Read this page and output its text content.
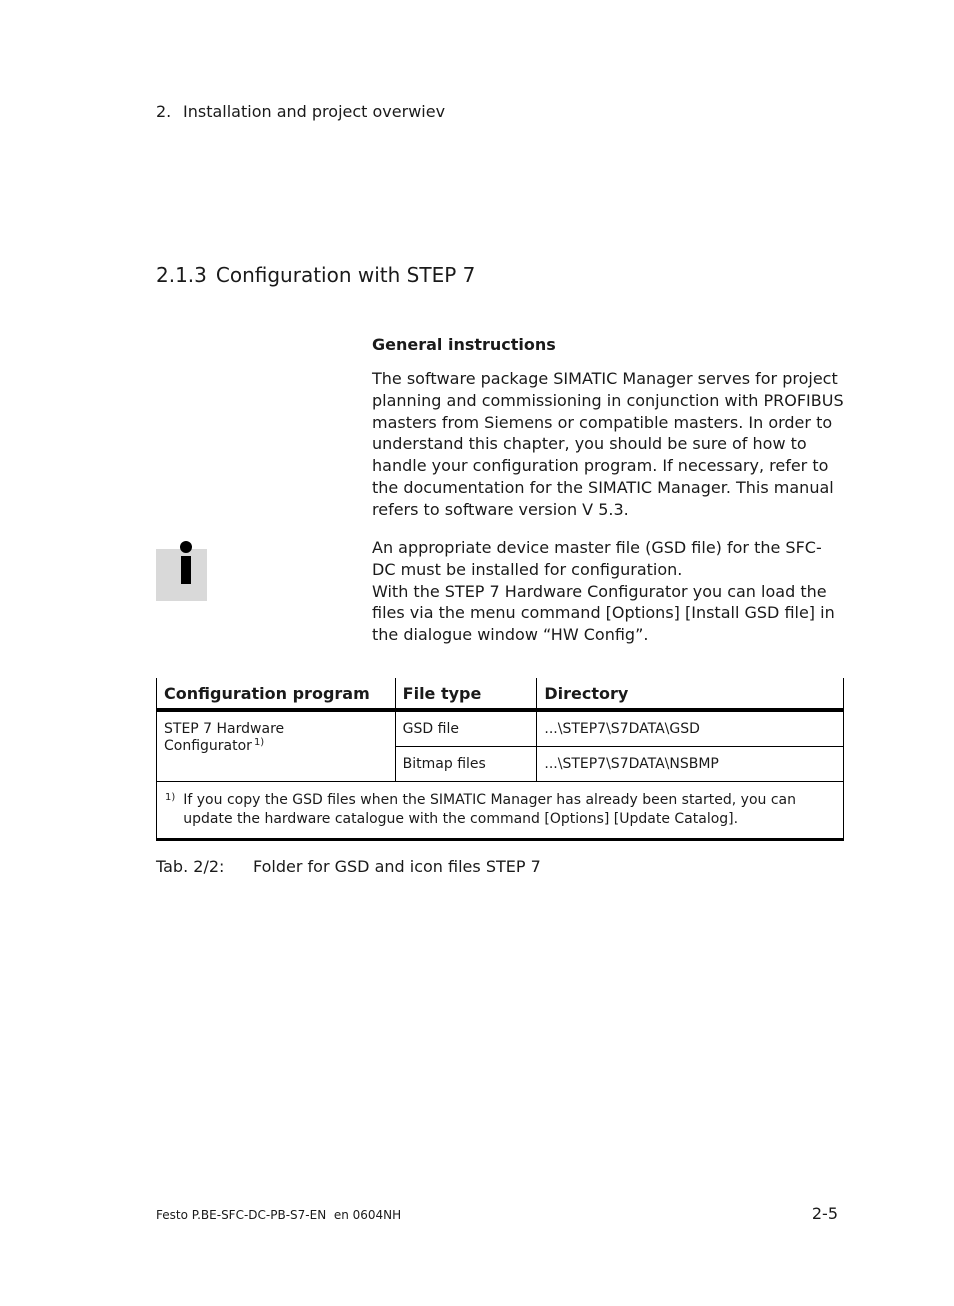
2. Installation and project overwiev
2.1.3 Configuration with STEP 7
General instructions
The software package SIMATIC Manager serves for project planning and commissioning in conjunction with PROFIBUS masters from Siemens or compatible masters. In order to understand this chapter, you should be sure of how to handle your configuration program. If necessary, refer to the documentation for the SIMATIC Manager. This manual refers to software version V 5.3.
An appropriate device master file (GSD file) for the SFC-DC must be installed for configuration.
With the STEP 7 Hardware Configurator you can load the files via the menu command [Options] [Install GSD file] in the dialogue window “HW Config”.
Configuration program	File type	Directory
STEP 7 Hardware Configurator $^{1)}$	GSD file	...\STEP7\S7DATA\GSD
	Bitmap files	...\STEP7\S7DATA\NSBMP

1) If you copy the GSD files when the SIMATIC Manager has already been started, you can update the hardware catalogue with the command [Options] [Update Catalog].		
Tab. 2/2: Folder for GSD and icon files STEP 7
Festo P.BE-SFC-DC-PB-S7-EN  en 0604NH	2-5
